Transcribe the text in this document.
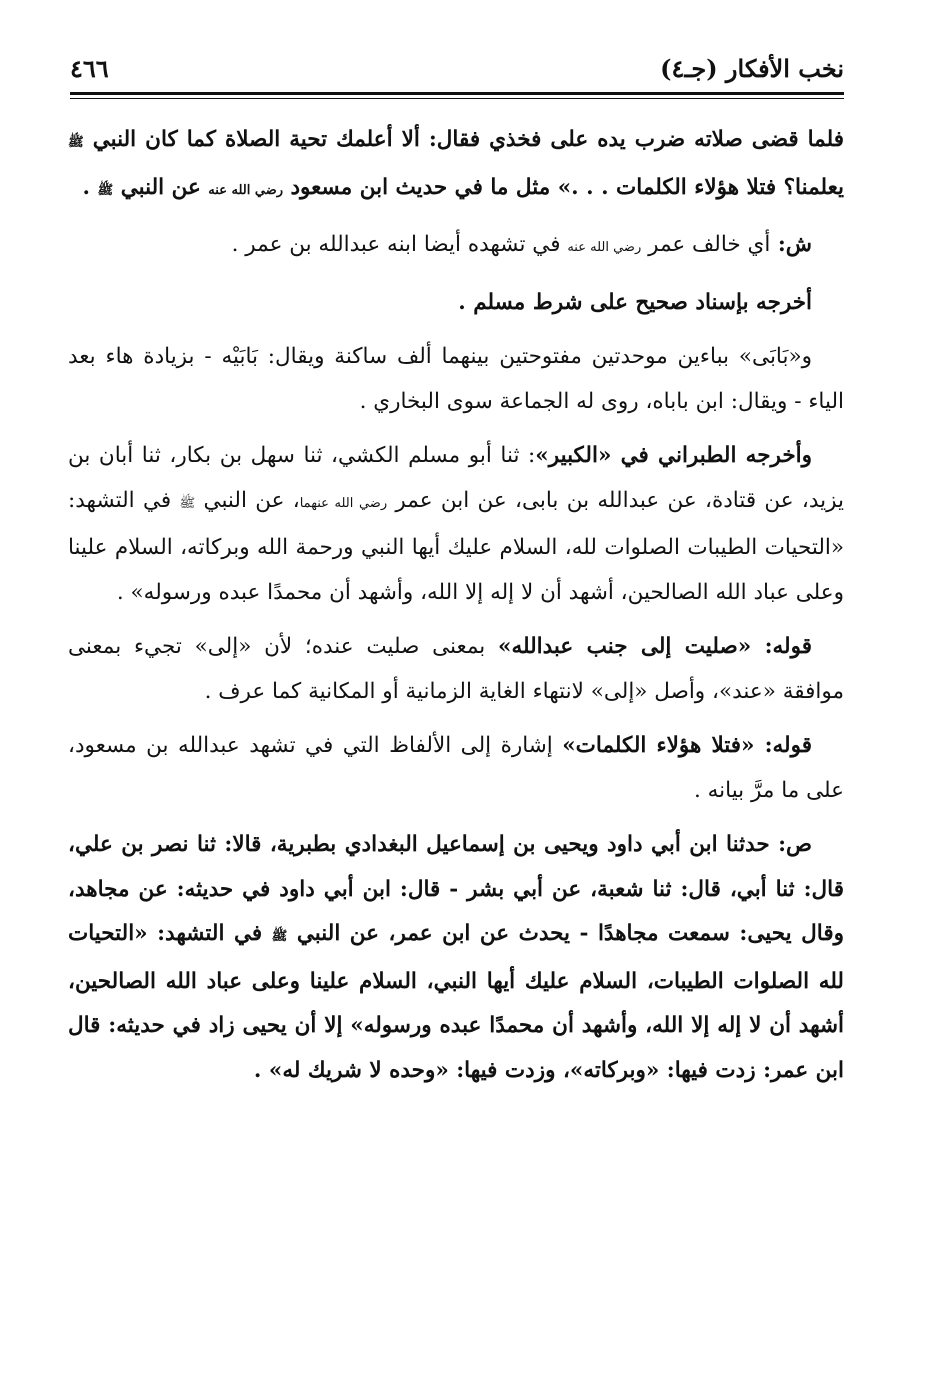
نخب الأفكار (جـ٤)
٤٦٦

فلما قضى صلاته ضرب يده على فخذي فقال: ألا أعلمك تحية الصلاة كما كان النبي ﷺ يعلمنا؟ فتلا هؤلاء الكلمات . . .» مثل ما في حديث ابن مسعود رضي الله عنه عن النبي ﷺ .

ش: أي خالف عمر رضي الله عنه في تشهده أيضا ابنه عبدالله بن عمر .

أخرجه بإسناد صحيح على شرط مسلم .

و«بَابَى» بباءين موحدتين مفتوحتين بينهما ألف ساكنة ويقال: بَابَيْه - بزيادة هاء بعد الياء - ويقال: ابن باباه، روى له الجماعة سوى البخاري .

وأخرجه الطبراني في «الكبير»: ثنا أبو مسلم الكشي، ثنا سهل بن بكار، ثنا أبان بن يزيد، عن قتادة، عن عبدالله بن بابى، عن ابن عمر رضي الله عنهما، عن النبي ﷺ في التشهد: «التحيات الطيبات الصلوات لله، السلام عليك أيها النبي ورحمة الله وبركاته، السلام علينا وعلى عباد الله الصالحين، أشهد أن لا إله إلا الله، وأشهد أن محمدًا عبده ورسوله» .

قوله: «صليت إلى جنب عبدالله» بمعنى صليت عنده؛ لأن «إلى» تجيء بمعنى موافقة «عند»، وأصل «إلى» لانتهاء الغاية الزمانية أو المكانية كما عرف .

قوله: «فتلا هؤلاء الكلمات» إشارة إلى الألفاظ التي في تشهد عبدالله بن مسعود، على ما مرَّ بيانه .

ص: حدثنا ابن أبي داود ويحيى بن إسماعيل البغدادي بطبرية، قالا: ثنا نصر بن علي، قال: ثنا أبي، قال: ثنا شعبة، عن أبي بشر - قال: ابن أبي داود في حديثه: عن مجاهد، وقال يحيى: سمعت مجاهدًا - يحدث عن ابن عمر، عن النبي ﷺ في التشهد: «التحيات لله الصلوات الطيبات، السلام عليك أيها النبي، السلام علينا وعلى عباد الله الصالحين، أشهد أن لا إله إلا الله، وأشهد أن محمدًا عبده ورسوله» إلا أن يحيى زاد في حديثه: قال ابن عمر: زدت فيها: «وبركاته»، وزدت فيها: «وحده لا شريك له» .
